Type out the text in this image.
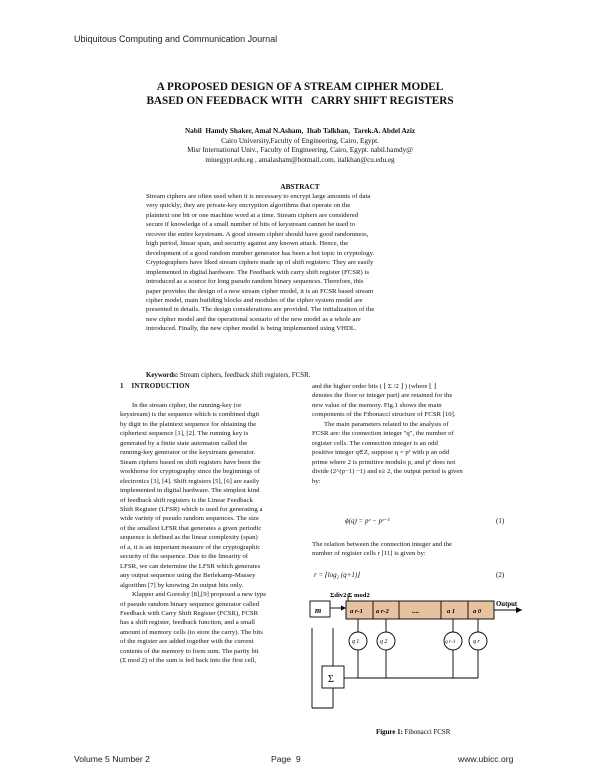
Ubiquitous Computing and Communication Journal
A PROPOSED DESIGN OF A STREAM CIPHER MODEL
BASED ON FEEDBACK WITH   CARRY SHIFT REGISTERS
Nabil  Hamdy Shaker, Amal N.Asham,  Ihab Talkhan,  Tarek.A. Abdel Aziz
Cairo University,Faculty of Engineering, Cairo, Egypt.
Misr International Univ., Faculty of Engineering, Cairo, Egypt. nabil.hamdy@
miuegypt.edu.eg , amalasham@hotmail.com, italkhan@cu.edu.eg
ABSTRACT
Stream ciphers are often used when it is necessary to encrypt large amounts of data
very quickly; they are private-key encryption algorithms that operate on the
plaintext one bit or one machine word at a time. Stream ciphers are considered
secure if knowledge of a small number of bits of keystream cannot be used to
recover the entire keystream. A good stream cipher should have good randomness,
high period, linear span, and security against any known attack. Hence, the
development of a good random number generator has been a hot topic in cryptology.
Cryptographers have liked stream ciphers made up of shift registers: They are easily
implemented in digital hardware. The Feedback with carry shift register (FCSR) is
introduced as a source for long pseudo random binary sequences. Therefore, this
paper provides the design of a new stream cipher model, it is an FCSR based stream
cipher model, main building blocks and modules of the cipher system model are
presented in details. The design considerations are provided. The initialization of the
new cipher model and the operational scenario of the new model as a whole are
introduced. Finally, the new cipher model is being implemented using VHDL.
Keywords: Stream ciphers, feedback shift registers, FCSR.
1    INTRODUCTION
In the stream cipher, the running-key (or
keystream) is the sequence which is combined digit
by digit to the plaintext sequence for obtaining the
ciphertext sequence [1], [2]. The running key is
generated by a finite state automaton called the
running-key generator or the keystream generator.
Steam ciphers based on shift registers have been the
workhorse for cryptography since the beginnings of
electronics [3], [4]. Shift registers [5], [6] are easily
implemented in digital hardware. The simplest kind
of feedback shift registers is the Linear Feedback
Shift Register (LFSR) which is used for generating a
wide variety of pseudo random sequences. The size
of the smallest LFSR that generates a given periodic
sequence is defined as the linear complexity (span)
of a, it is an important measure of the cryptographic
security of the sequence. Due to the linearity of
LFSR, we can determine the LFSR which generates
any output sequence using the Berlekamp-Massey
algorithm [7] by knowing 2n output bits only.
Klapper and Goresky [8],[9] proposed a new type
of pseudo random binary sequence generator called
Feedback with Carry Shift Register (FCSR), FCSR
has a shift register, feedback function, and a small
amount of memory cells (to store the carry). The bits
of the register are added together with the current
contents of the memory to form sum. The parity bit
(Σ mod 2) of the sum is fed back into the first cell,
and the higher order bits ( ⌊ Σ /2 ⌋ ) (where ⌊ ⌋
denotes the floor or integer part) are retained for the
new value of the memory. Fig.1 shows the main
components of the Fibonacci structure of FCSR [10].
The main parameters related to the analysis of
FCSR are: the connection integer "q", the number of
register cells. The connection integer is an odd
positive integer q∈Z, suppose q = pᵉ with p an odd
prime where 2 is primitive modulo p, and pᵉ does not
divide (2^(p−1) −1) and e≥ 2, the output period is given
by:
ϕ(q) = pᵉ − pᵉ⁻¹	(1)
The relation between the connection integer and the
number of register cells r [11] is given by:
r = ⌊log₂ (q+1)⌋	(2)
Σdiv2 Σ mod2
m	a r-1 a r-2	....	a 1	a 0
Output
q 1	q 2	q r-1	q r
Σ
Figure 1: Fibonacci FCSR
Volume 5 Number 2	Page  9	www.ubicc.org
